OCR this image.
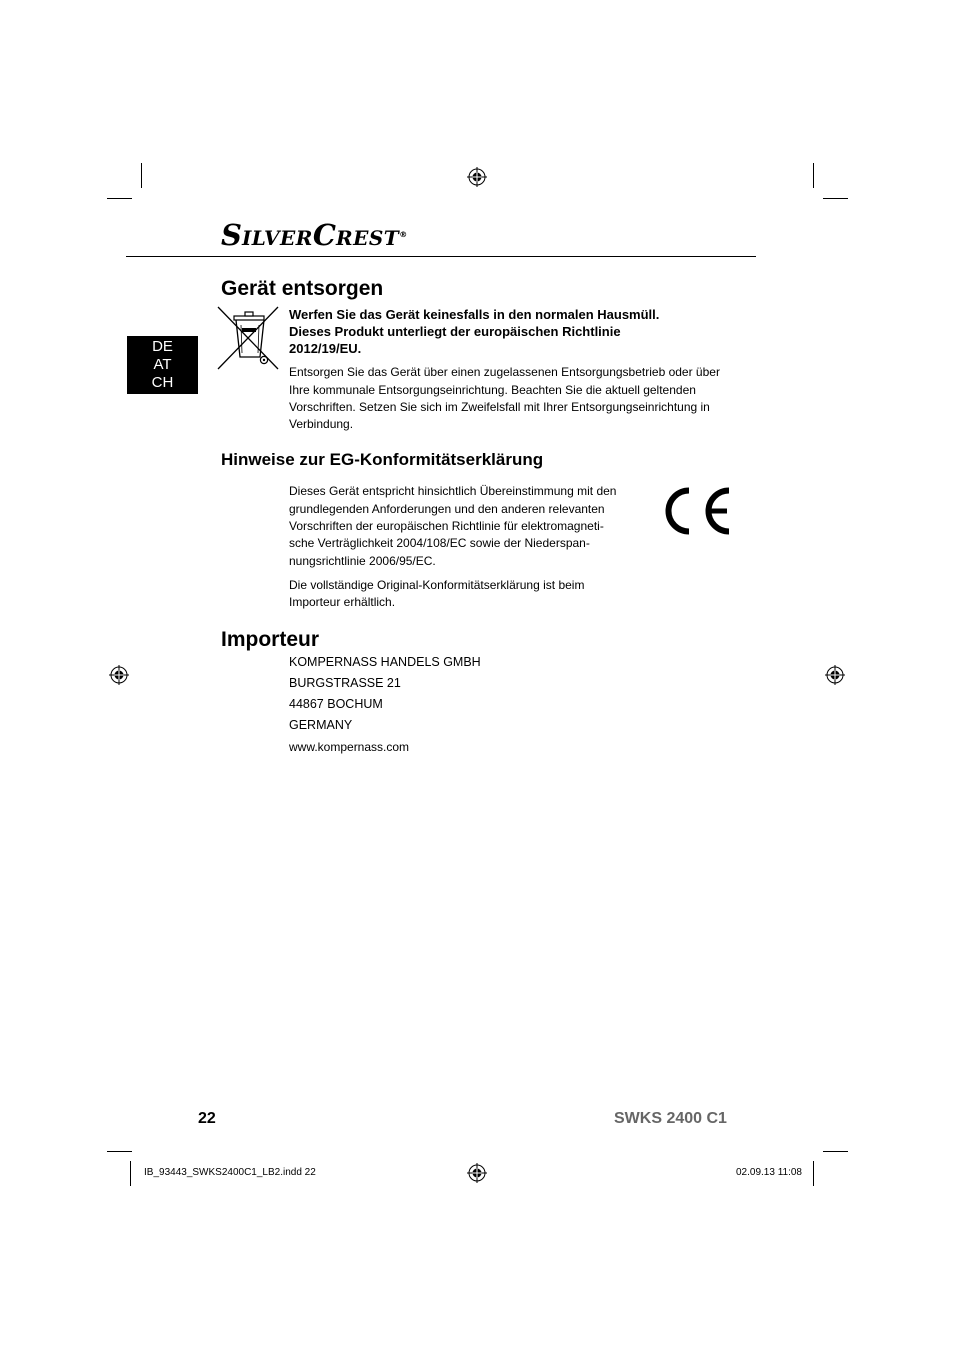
SILVERCREST®
DE
AT
CH
Gerät entsorgen
Werfen Sie das Gerät keinesfalls in den normalen Hausmüll.
Dieses Produkt unterliegt der europäischen Richtlinie
2012/19/EU.
Entsorgen Sie das Gerät über einen zugelassenen Entsorgungsbetrieb oder über
Ihre kommunale Entsorgungseinrichtung. Beachten Sie die aktuell geltenden
Vorschriften. Setzen Sie sich im Zweifelsfall mit Ihrer Entsorgungseinrichtung in
Verbindung.
Hinweise zur EG-Konformitätserklärung
Dieses Gerät entspricht hinsichtlich Übereinstimmung mit den
grundlegenden Anforderungen und den anderen relevanten
Vorschriften der europäischen Richtlinie für elektromagneti-
sche Verträglichkeit 2004/108/EC sowie der Niederspan-
nungsrichtlinie 2006/95/EC.
Die vollständige Original-Konformitätserklärung ist beim
Importeur erhältlich.
Importeur
KOMPERNASS HANDELS GMBH
BURGSTRASSE 21
44867 BOCHUM
GERMANY
www.kompernass.com
22	SWKS 2400 C1
IB_93443_SWKS2400C1_LB2.indd 22	02.09.13 11:08
